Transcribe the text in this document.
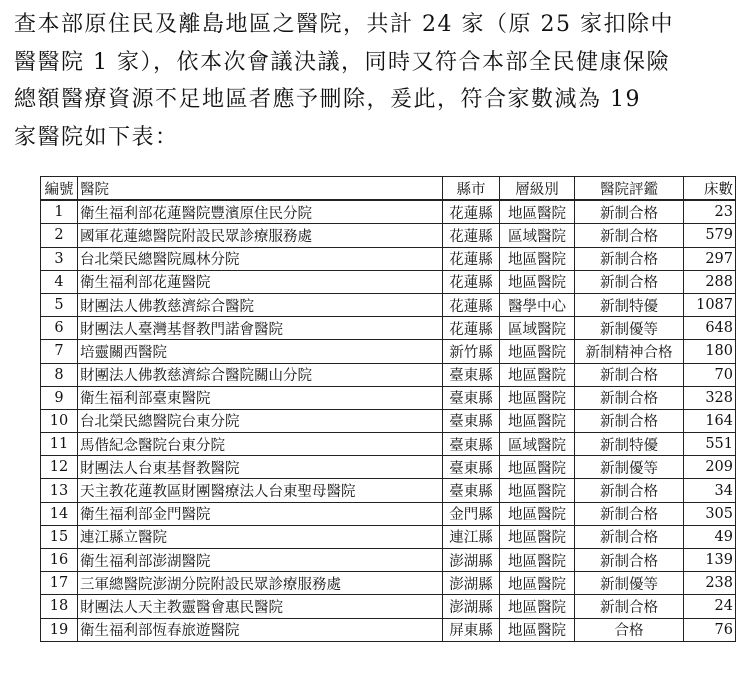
查本部原住民及離島地區之醫院，共計 24 家（原 25 家扣除中
醫醫院 1 家），依本次會議決議，同時又符合本部全民健康保險
總額醫療資源不足地區者應予刪除，爰此，符合家數減為 19
家醫院如下表：
編號	醫院	縣市	層級別	醫院評鑑	床數
1	衛生福利部花蓮醫院豐濱原住民分院	花蓮縣	地區醫院	新制合格	23
2	國軍花蓮總醫院附設民眾診療服務處	花蓮縣	區域醫院	新制合格	579
3	台北榮民總醫院鳳林分院	花蓮縣	地區醫院	新制合格	297
4	衛生福利部花蓮醫院	花蓮縣	地區醫院	新制合格	288
5	財團法人佛教慈濟綜合醫院	花蓮縣	醫學中心	新制特優	1087
6	財團法人臺灣基督教門諾會醫院	花蓮縣	區域醫院	新制優等	648
7	培靈關西醫院	新竹縣	地區醫院	新制精神合格	180
8	財團法人佛教慈濟綜合醫院關山分院	臺東縣	地區醫院	新制合格	70
9	衛生福利部臺東醫院	臺東縣	地區醫院	新制合格	328
10	台北榮民總醫院台東分院	臺東縣	地區醫院	新制合格	164
11	馬偕紀念醫院台東分院	臺東縣	區域醫院	新制特優	551
12	財團法人台東基督教醫院	臺東縣	地區醫院	新制優等	209
13	天主教花蓮教區財團醫療法人台東聖母醫院	臺東縣	地區醫院	新制合格	34
14	衛生福利部金門醫院	金門縣	地區醫院	新制合格	305
15	連江縣立醫院	連江縣	地區醫院	新制合格	49
16	衛生福利部澎湖醫院	澎湖縣	地區醫院	新制合格	139
17	三軍總醫院澎湖分院附設民眾診療服務處	澎湖縣	地區醫院	新制優等	238
18	財團法人天主教靈醫會惠民醫院	澎湖縣	地區醫院	新制合格	24
19	衛生福利部恆春旅遊醫院	屏東縣	地區醫院	合格	76
